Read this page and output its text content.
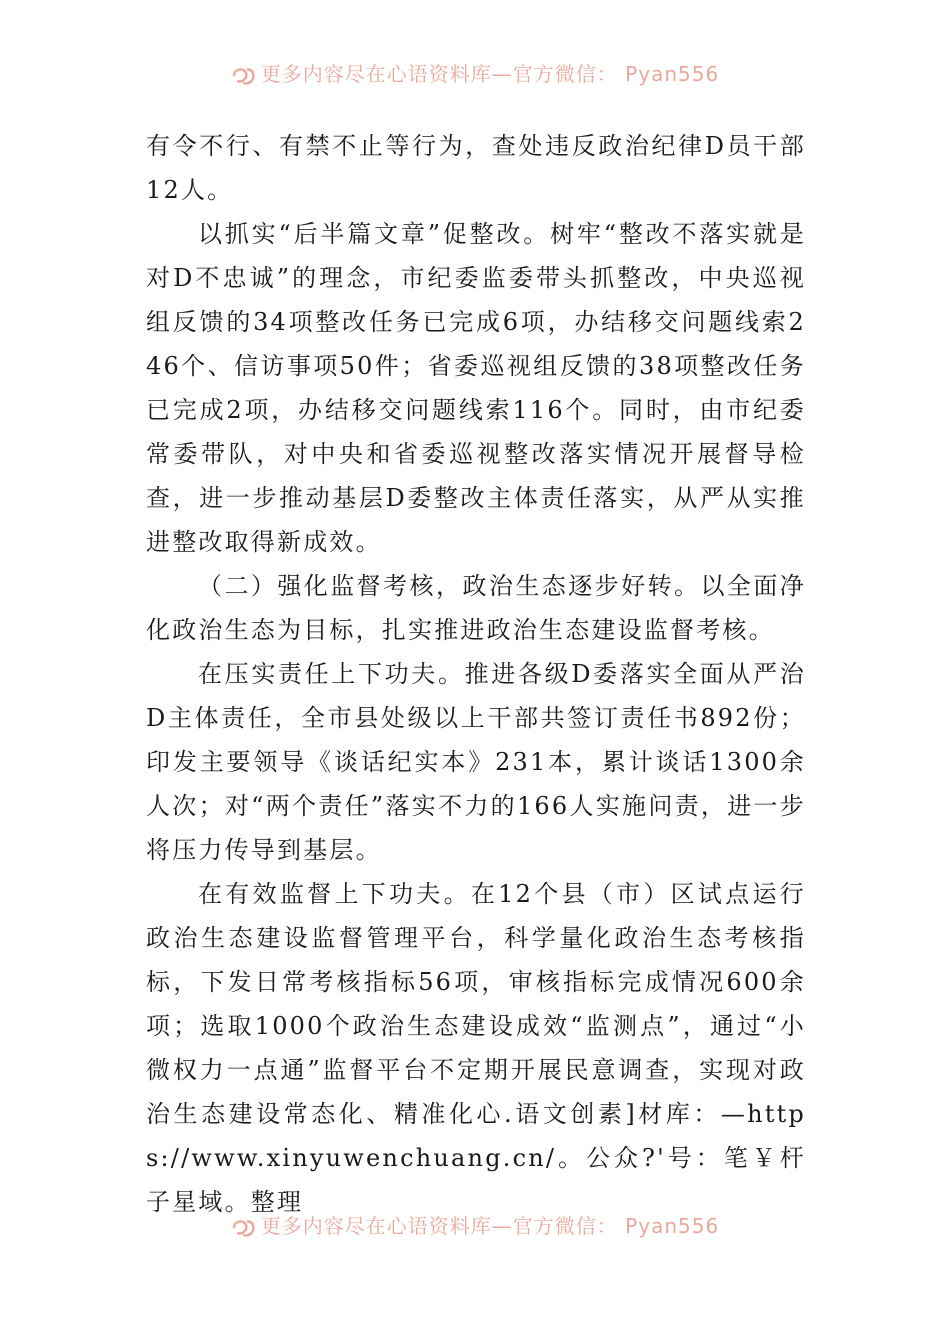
更多内容尽在心语资料库—官方微信： Pyan556

有令不行、有禁不止等行为，查处违反政治纪律D员干部12人。

以抓实“后半篇文章”促整改。树牢“整改不落实就是对D不忠诚”的理念，市纪委监委带头抓整改，中央巡视组反馈的34项整改任务已完成6项，办结移交问题线索246个、信访事项50件；省委巡视组反馈的38项整改任务已完成2项，办结移交问题线索116个。同时，由市纪委常委带队，对中央和省委巡视整改落实情况开展督导检查，进一步推动基层D委整改主体责任落实，从严从实推进整改取得新成效。

（二）强化监督考核，政治生态逐步好转。以全面净化政治生态为目标，扎实推进政治生态建设监督考核。

在压实责任上下功夫。推进各级D委落实全面从严治D主体责任，全市县处级以上干部共签订责任书892份；印发主要领导《谈话纪实本》231本，累计谈话1300余人次；对“两个责任”落实不力的166人实施问责，进一步将压力传导到基层。

在有效监督上下功夫。在12个县（市）区试点运行政治生态建设监督管理平台，科学量化政治生态考核指标，下发日常考核指标56项，审核指标完成情况600余项；选取1000个政治生态建设成效“监测点”，通过“小微权力一点通”监督平台不定期开展民意调查，实现对政治生态建设常态化、精准化心.语文创素]材库：—https://www.xinyuwenchuang.cn/。公众?'号：笔￥杆子星域。整理

更多内容尽在心语资料库—官方微信： Pyan556
